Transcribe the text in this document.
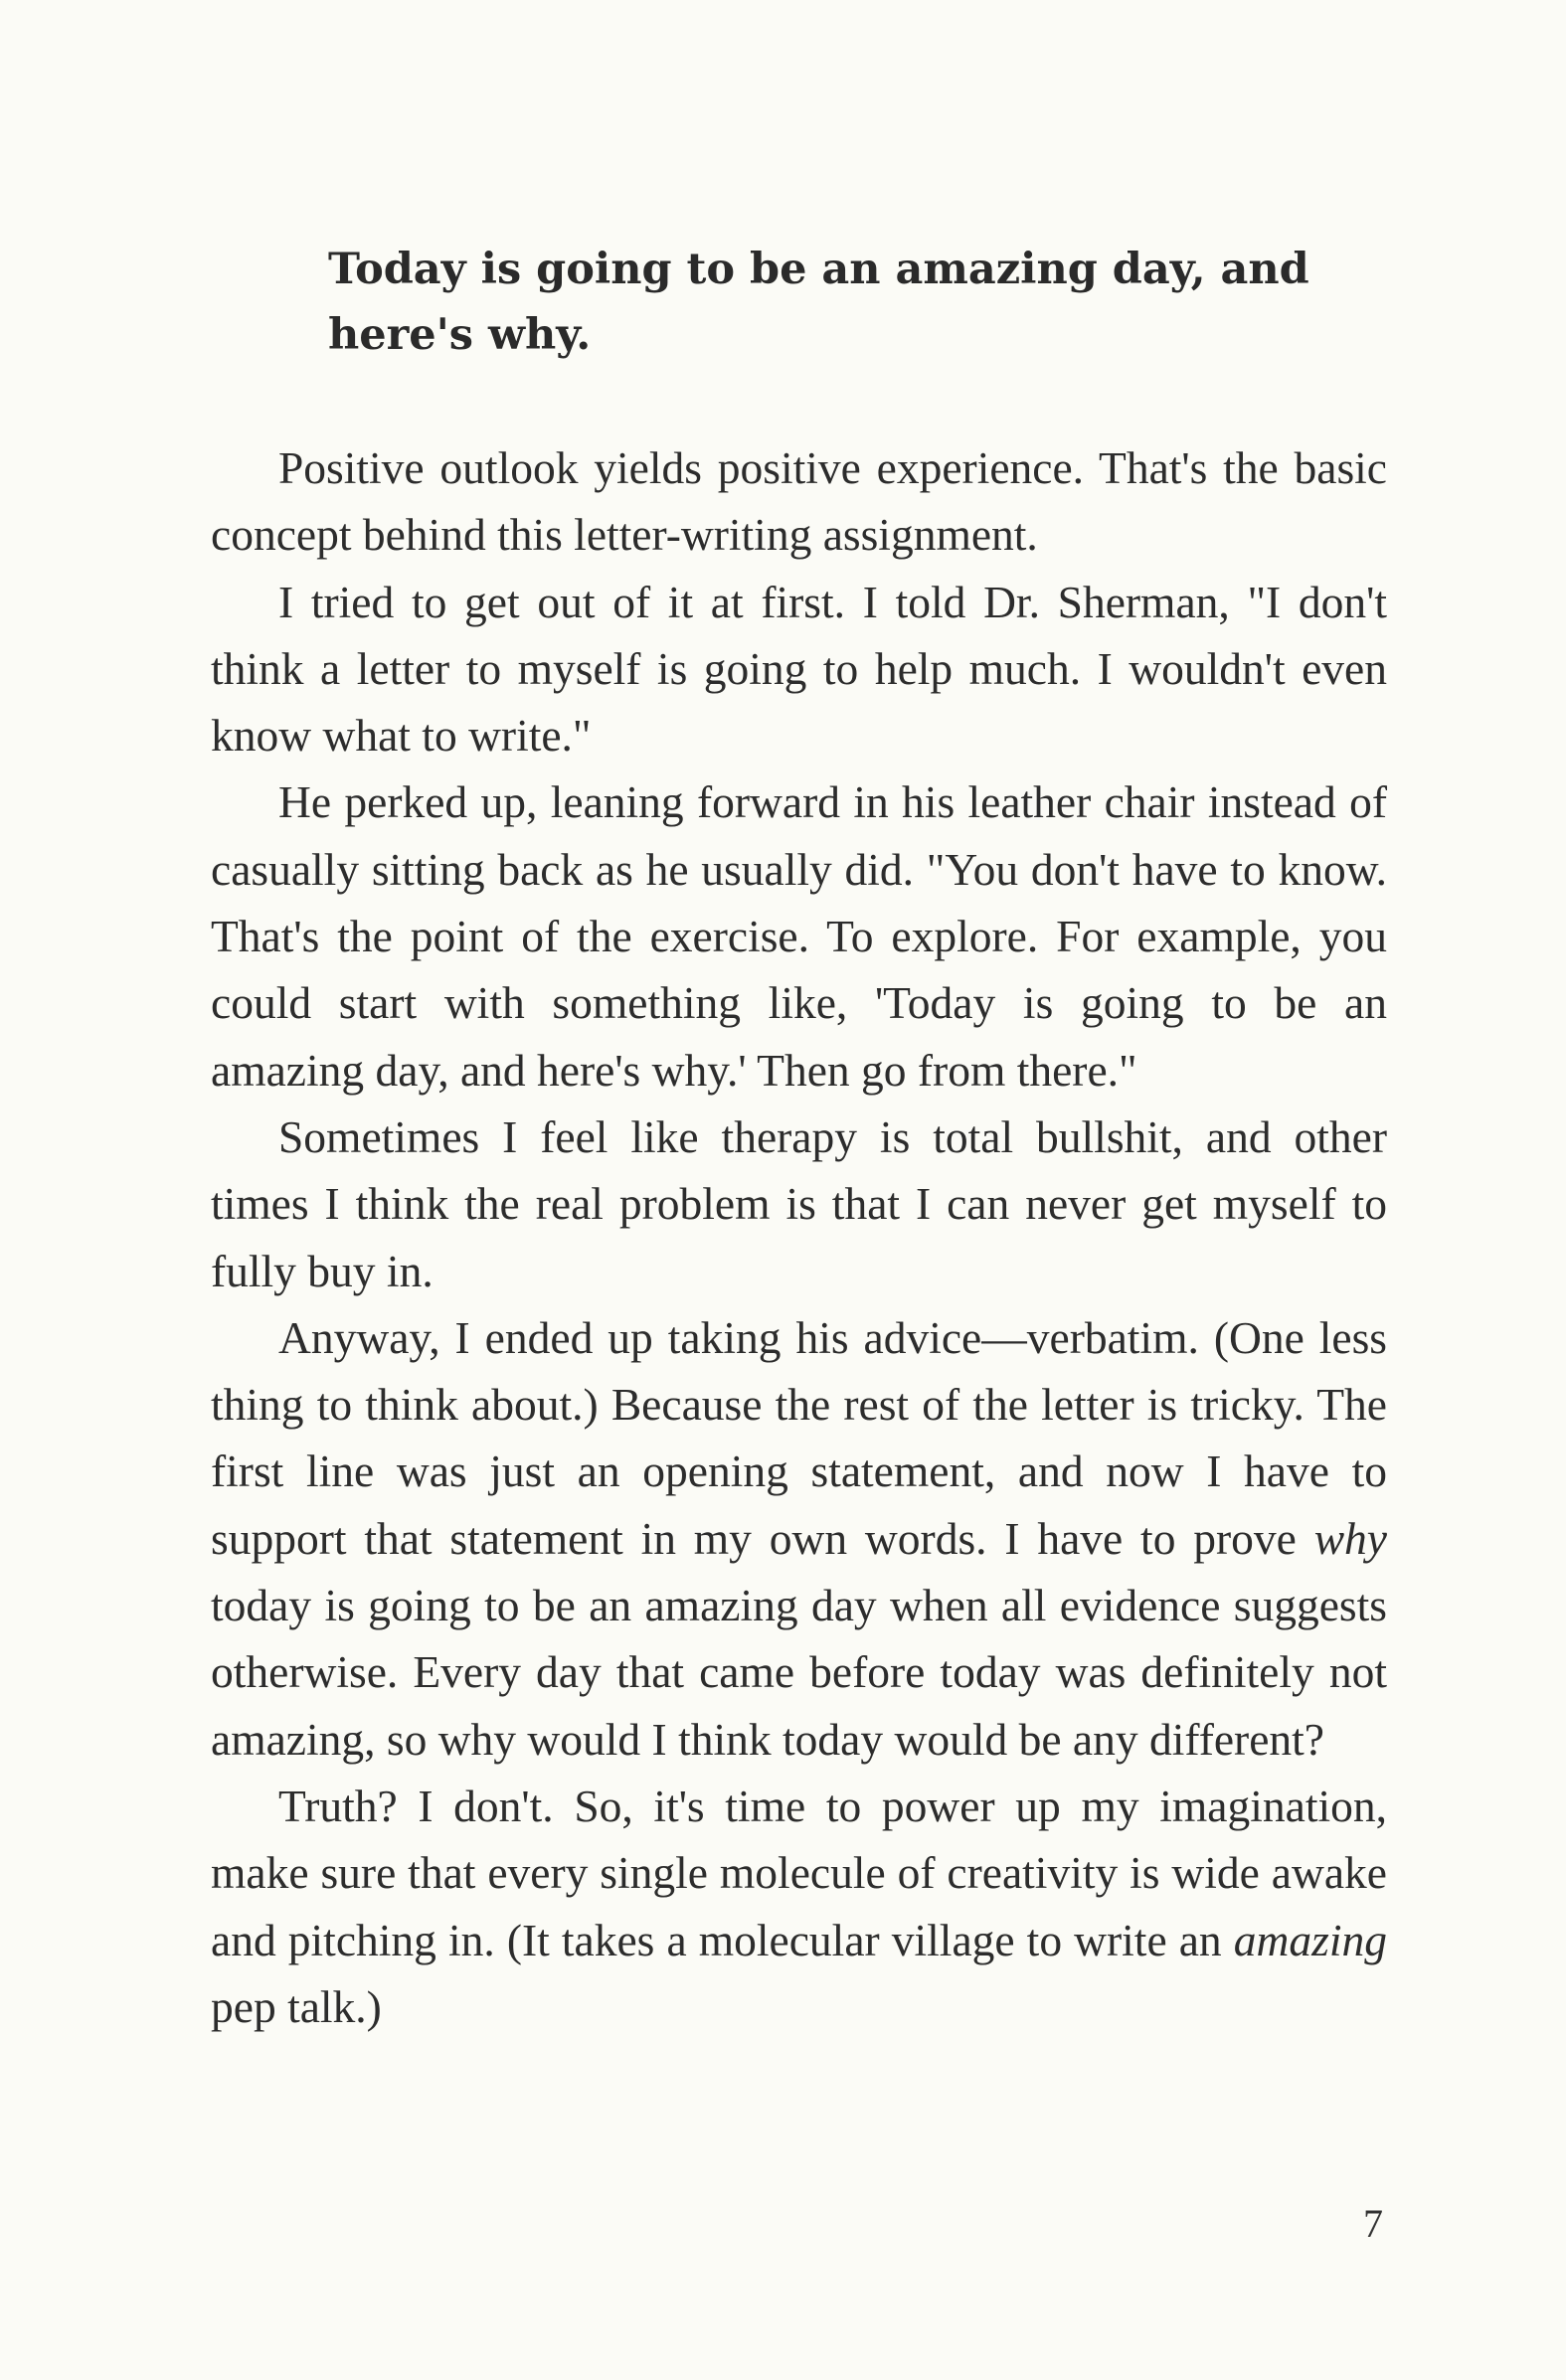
Today is going to be an amazing day, and here's why.

Positive outlook yields positive experience. That's the basic concept behind this letter-writing assignment.

I tried to get out of it at first. I told Dr. Sherman, "I don't think a letter to myself is going to help much. I wouldn't even know what to write."

He perked up, leaning forward in his leather chair instead of casually sitting back as he usually did. "You don't have to know. That's the point of the exercise. To explore. For example, you could start with something like, 'Today is going to be an amazing day, and here's why.' Then go from there."

Sometimes I feel like therapy is total bullshit, and other times I think the real problem is that I can never get myself to fully buy in.

Anyway, I ended up taking his advice—verbatim. (One less thing to think about.) Because the rest of the letter is tricky. The first line was just an opening statement, and now I have to support that statement in my own words. I have to prove why today is going to be an amazing day when all evidence suggests otherwise. Every day that came before today was definitely not amazing, so why would I think today would be any different?

Truth? I don't. So, it's time to power up my imagination, make sure that every single molecule of creativity is wide awake and pitching in. (It takes a molecular village to write an amazing pep talk.)

7
